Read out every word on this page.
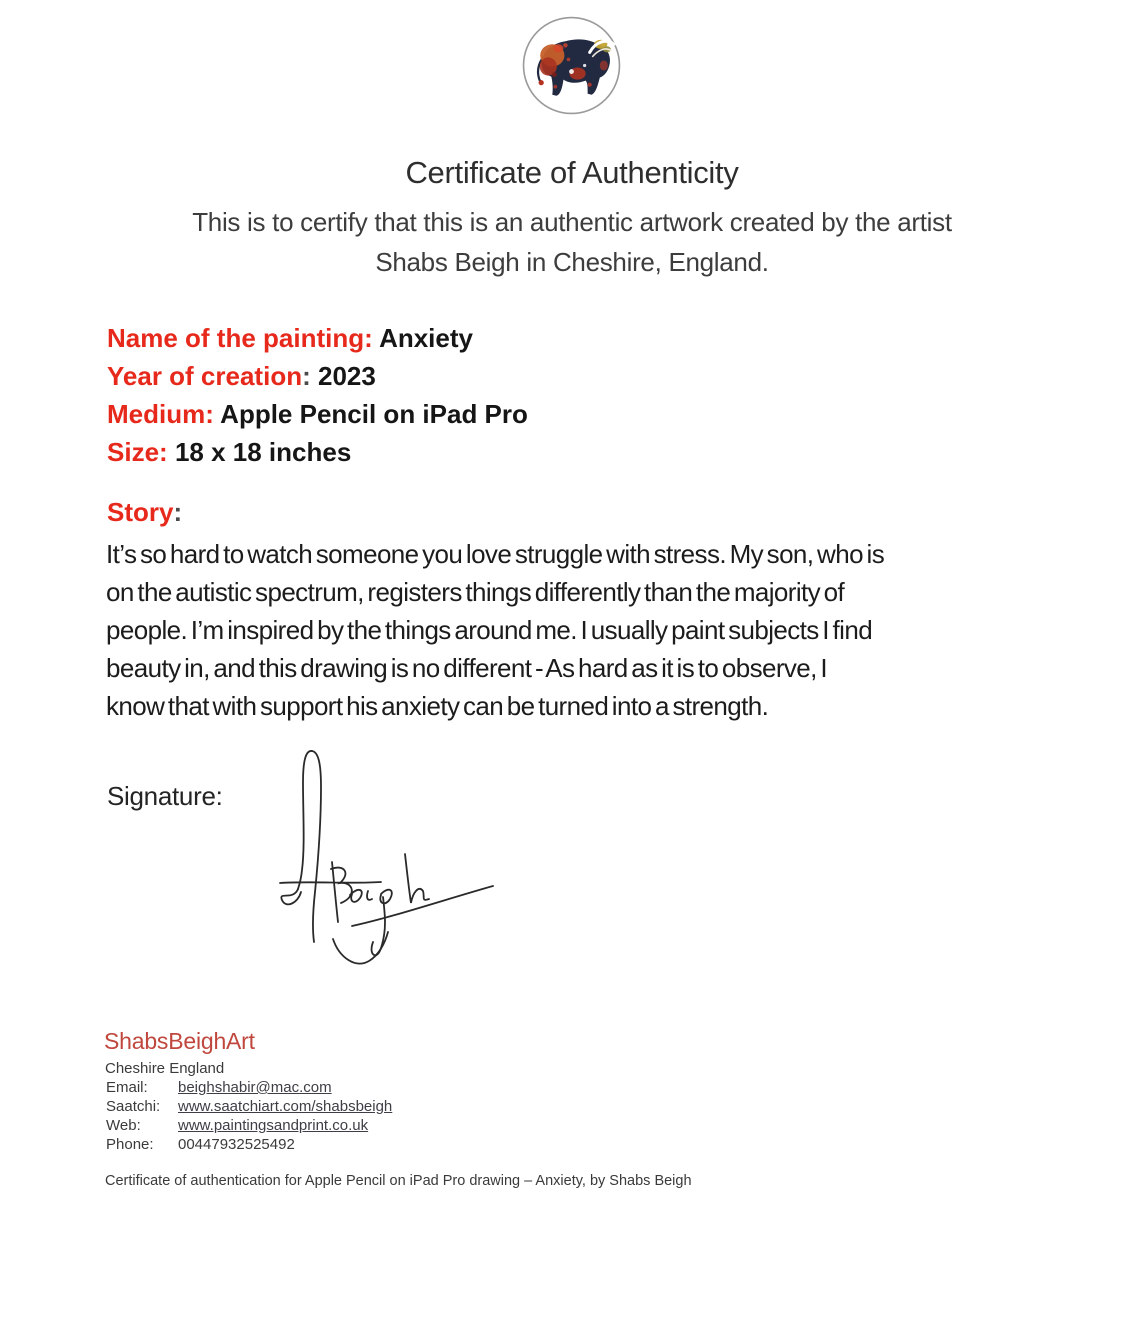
Certificate of Authenticity
This is to certify that this is an authentic artwork created by the artist
Shabs Beigh in Cheshire, England.
Name of the painting: Anxiety
Year of creation: 2023
Medium: Apple Pencil on iPad Pro
Size: 18 x 18 inches
Story:
It’s so hard to watch someone you love struggle with stress. My son, who is
on the autistic spectrum, registers things differently than the majority of
people. I’m inspired by the things around me. I usually paint subjects I find
beauty in, and this drawing is no different - As hard as it is to observe, I
know that with support his anxiety can be turned into a strength.
Signature:
ShabsBeighArt
Cheshire England
Email:	beighshabir@mac.com
Saatchi:	www.saatchiart.com/shabsbeigh
Web:	www.paintingsandprint.co.uk
Phone:	00447932525492
Certificate of authentication for Apple Pencil on iPad Pro drawing – Anxiety, by Shabs Beigh
